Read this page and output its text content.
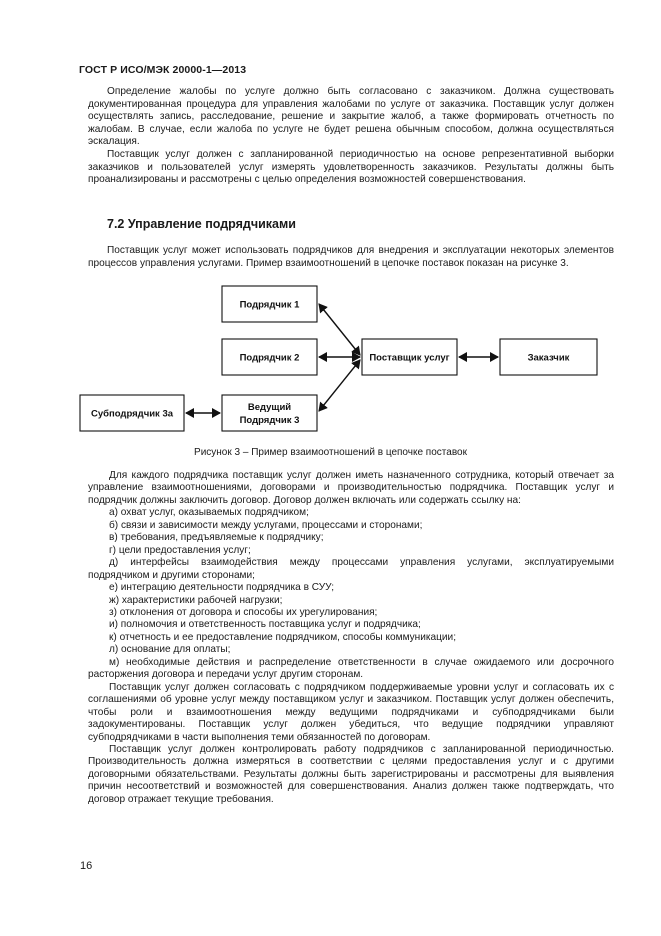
ГОСТ Р ИСО/МЭК 20000-1—2013

Определение жалобы по услуге должно быть согласовано с заказчиком. Должна существовать документированная процедура для управления жалобами по услуге от заказчика. Поставщик услуг должен осуществлять запись, расследование, решение и закрытие жалоб, а также формировать отчетность по жалобам. В случае, если жалоба по услуге не будет решена обычным способом, должна осуществляться эскалация.

Поставщик услуг должен с запланированной периодичностью на основе репрезентативной выборки заказчиков и пользователей услуг измерять удовлетворенность заказчиков. Результаты должны быть проанализированы и рассмотрены с целью определения возможностей совершенствования.

7.2 Управление подрядчиками

Поставщик услуг может использовать подрядчиков для внедрения и эксплуатации некоторых элементов процессов управления услугами. Пример взаимоотношений в цепочке поставок показан на рисунке 3.

Подрядчик 1
Подрядчик 2
Ведущий
Подрядчик 3
Субподрядчик 3а
Поставщик услуг	Заказчик
Рисунок 3 – Пример взаимоотношений в цепочке поставок

Для каждого подрядчика поставщик услуг должен иметь назначенного сотрудника, который отвечает за управление взаимоотношениями, договорами и производительностью подрядчика. Поставщик услуг и подрядчик должны заключить договор. Договор должен включать или содержать ссылку на:

а) охват услуг, оказываемых подрядчиком;

б) связи и зависимости между услугами, процессами и сторонами;

в) требования, предъявляемые к подрядчику;

г) цели предоставления услуг;

д) интерфейсы взаимодействия между процессами управления услугами, эксплуатируемыми подрядчиком и другими сторонами;

е) интеграцию деятельности подрядчика в СУУ;

ж) характеристики рабочей нагрузки;

з) отклонения от договора и способы их урегулирования;

и) полномочия и ответственность поставщика услуг и подрядчика;

к) отчетность и ее предоставление подрядчиком, способы коммуникации;

л) основание для оплаты;

м) необходимые действия и распределение ответственности в случае ожидаемого или досрочного расторжения договора и передачи услуг другим сторонам.

Поставщик услуг должен согласовать с подрядчиком поддерживаемые уровни услуг и согласовать их с соглашениями об уровне услуг между поставщиком услуг и заказчиком. Поставщик услуг должен обеспечить, чтобы роли и взаимоотношения между ведущими подрядчиками и субподрядчиками были задокументированы. Поставщик услуг должен убедиться, что ведущие подрядчики управляют субподрядчиками в части выполнения теми обязанностей по договорам.

Поставщик услуг должен контролировать работу подрядчиков с запланированной периодичностью. Производительность должна измеряться в соответствии с целями предоставления услуг и с другими договорными обязательствами. Результаты должны быть зарегистрированы и рассмотрены для выявления причин несоответствий и возможностей для совершенствования. Анализ должен также подтверждать, что договор отражает текущие требования.

16
